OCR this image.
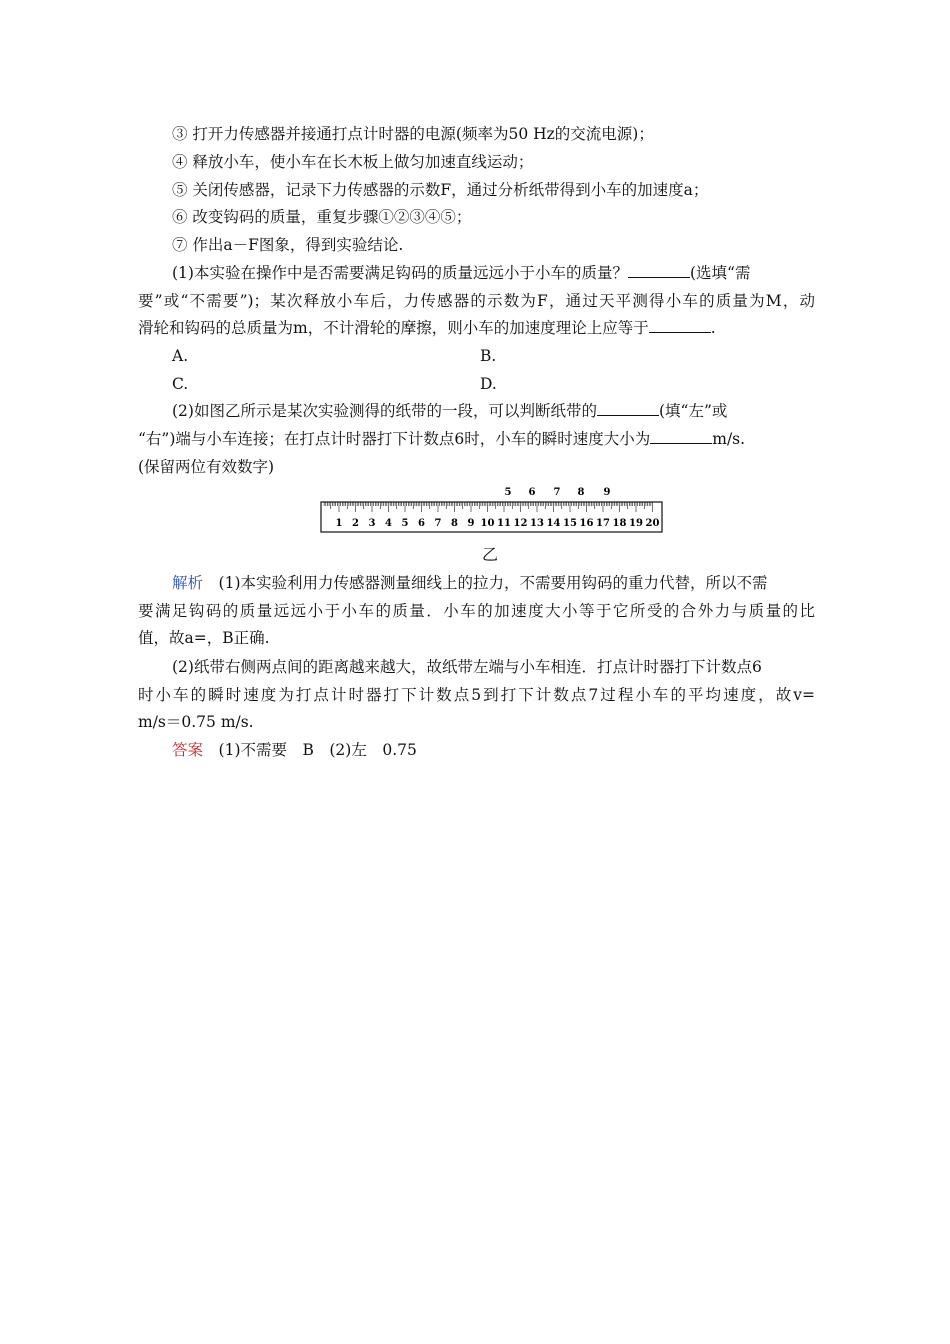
③ 打开力传感器并接通打点计时器的电源(频率为50 Hz的交流电源)；
④ 释放小车，使小车在长木板上做匀加速直线运动；
⑤ 关闭传感器，记录下力传感器的示数F，通过分析纸带得到小车的加速度a；
⑥ 改变钩码的质量，重复步骤①②③④⑤；
⑦ 作出a－F图象，得到实验结论.
(1)本实验在操作中是否需要满足钩码的质量远远小于小车的质量？	(选填“需
要”或“不需要”)；某次释放小车后，力传感器的示数为F，通过天平测得小车的质量为M，动
滑轮和钩码的总质量为m，不计滑轮的摩擦，则小车的加速度理论上应等于	.
A.	B.
C.	D.
(2)如图乙所示是某次实验测得的纸带的一段，可以判断纸带的	(填“左”或
“右”)端与小车连接；在打点计时器打下计数点6时，小车的瞬时速度大小为	m/s.
(保留两位有效数字)
5 6 7 8 9
1 2 3 4 5 6 7 8 9 10 11 12 13 14 15 16 17 18 19 20
乙
解析　 (1)本实验利用力传感器测量细线上的拉力，不需要用钩码的重力代替，所以不需
要满足钩码的质量远远小于小车的质量．小车的加速度大小等于它所受的合外力与质量的比
值，故a=，B正确.
(2)纸带右侧两点间的距离越来越大，故纸带左端与小车相连．打点计时器打下计数点6
时小车的瞬时速度为打点计时器打下计数点5到打下计数点7过程小车的平均速度，故v=
m/s＝0.75 m/s.
答案　 (1)不需要　B　(2)左　0.75
